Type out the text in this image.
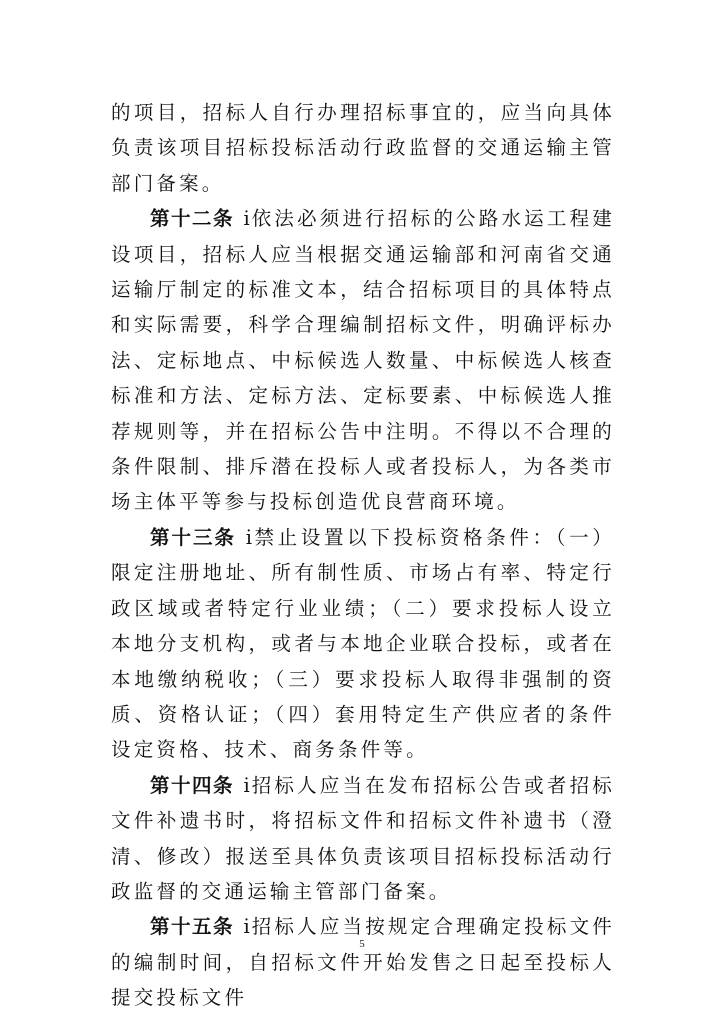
的项目，招标人自行办理招标事宜的，应当向具体负责该项目招标投标活动行政监督的交通运输主管部门备案。

第十二条 i 依法必须进行招标的公路水运工程建设项目，招标人应当根据交通运输部和河南省交通运输厅制定的标准文本，结合招标项目的具体特点和实际需要，科学合理编制招标文件，明确评标办法、定标地点、中标候选人数量、中标候选人核查标准和方法、定标方法、定标要素、中标候选人推荐规则等，并在招标公告中注明。不得以不合理的条件限制、排斥潜在投标人或者投标人，为各类市场主体平等参与投标创造优良营商环境。

第十三条 i 禁止设置以下投标资格条件：（一）限定注册地址、所有制性质、市场占有率、特定行政区域或者特定行业业绩；（二）要求投标人设立本地分支机构，或者与本地企业联合投标，或者在本地缴纳税收；（三）要求投标人取得非强制的资质、资格认证；（四）套用特定生产供应者的条件设定资格、技术、商务条件等。

第十四条 i 招标人应当在发布招标公告或者招标文件补遗书时，将招标文件和招标文件补遗书（澄清、修改）报送至具体负责该项目招标投标活动行政监督的交通运输主管部门备案。

第十五条 i 招标人应当按规定合理确定投标文件的编制时间，自招标文件开始发售之日起至投标人提交投标文件

5
